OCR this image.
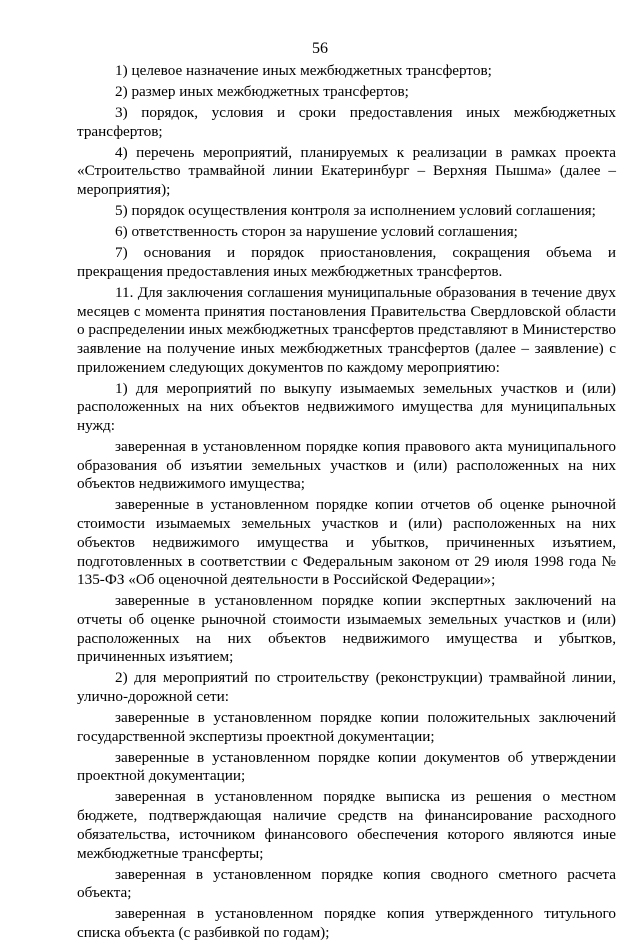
56

1) целевое назначение иных межбюджетных трансфертов;

2) размер иных межбюджетных трансфертов;

3) порядок, условия и сроки предоставления иных межбюджетных трансфертов;

4) перечень мероприятий, планируемых к реализации в рамках проекта «Строительство трамвайной линии Екатеринбург – Верхняя Пышма» (далее – мероприятия);

5) порядок осуществления контроля за исполнением условий соглашения;

6) ответственность сторон за нарушение условий соглашения;

7) основания и порядок приостановления, сокращения объема и прекращения предоставления иных межбюджетных трансфертов.

11. Для заключения соглашения муниципальные образования в течение двух месяцев с момента принятия постановления Правительства Свердловской области о распределении иных межбюджетных трансфертов представляют в Министерство заявление на получение иных межбюджетных трансфертов (далее – заявление) с приложением следующих документов по каждому мероприятию:

1) для мероприятий по выкупу изымаемых земельных участков и (или) расположенных на них объектов недвижимого имущества для муниципальных нужд:

заверенная в установленном порядке копия правового акта муниципального образования об изъятии земельных участков и (или) расположенных на них объектов недвижимого имущества;

заверенные в установленном порядке копии отчетов об оценке рыночной стоимости изымаемых земельных участков и (или) расположенных на них объектов недвижимого имущества и убытков, причиненных изъятием, подготовленных в соответствии с Федеральным законом от 29 июля 1998 года № 135-ФЗ «Об оценочной деятельности в Российской Федерации»;

заверенные в установленном порядке копии экспертных заключений на отчеты об оценке рыночной стоимости изымаемых земельных участков и (или) расположенных на них объектов недвижимого имущества и убытков, причиненных изъятием;

2) для мероприятий по строительству (реконструкции) трамвайной линии, улично-дорожной сети:

заверенные в установленном порядке копии положительных заключений государственной экспертизы проектной документации;

заверенные в установленном порядке копии документов об утверждении проектной документации;

заверенная в установленном порядке выписка из решения о местном бюджете, подтверждающая наличие средств на финансирование расходного обязательства, источником финансового обеспечения которого являются иные межбюджетные трансферты;

заверенная в установленном порядке копия сводного сметного расчета объекта;

заверенная в установленном порядке копия утвержденного титульного списка объекта (с разбивкой по годам);
